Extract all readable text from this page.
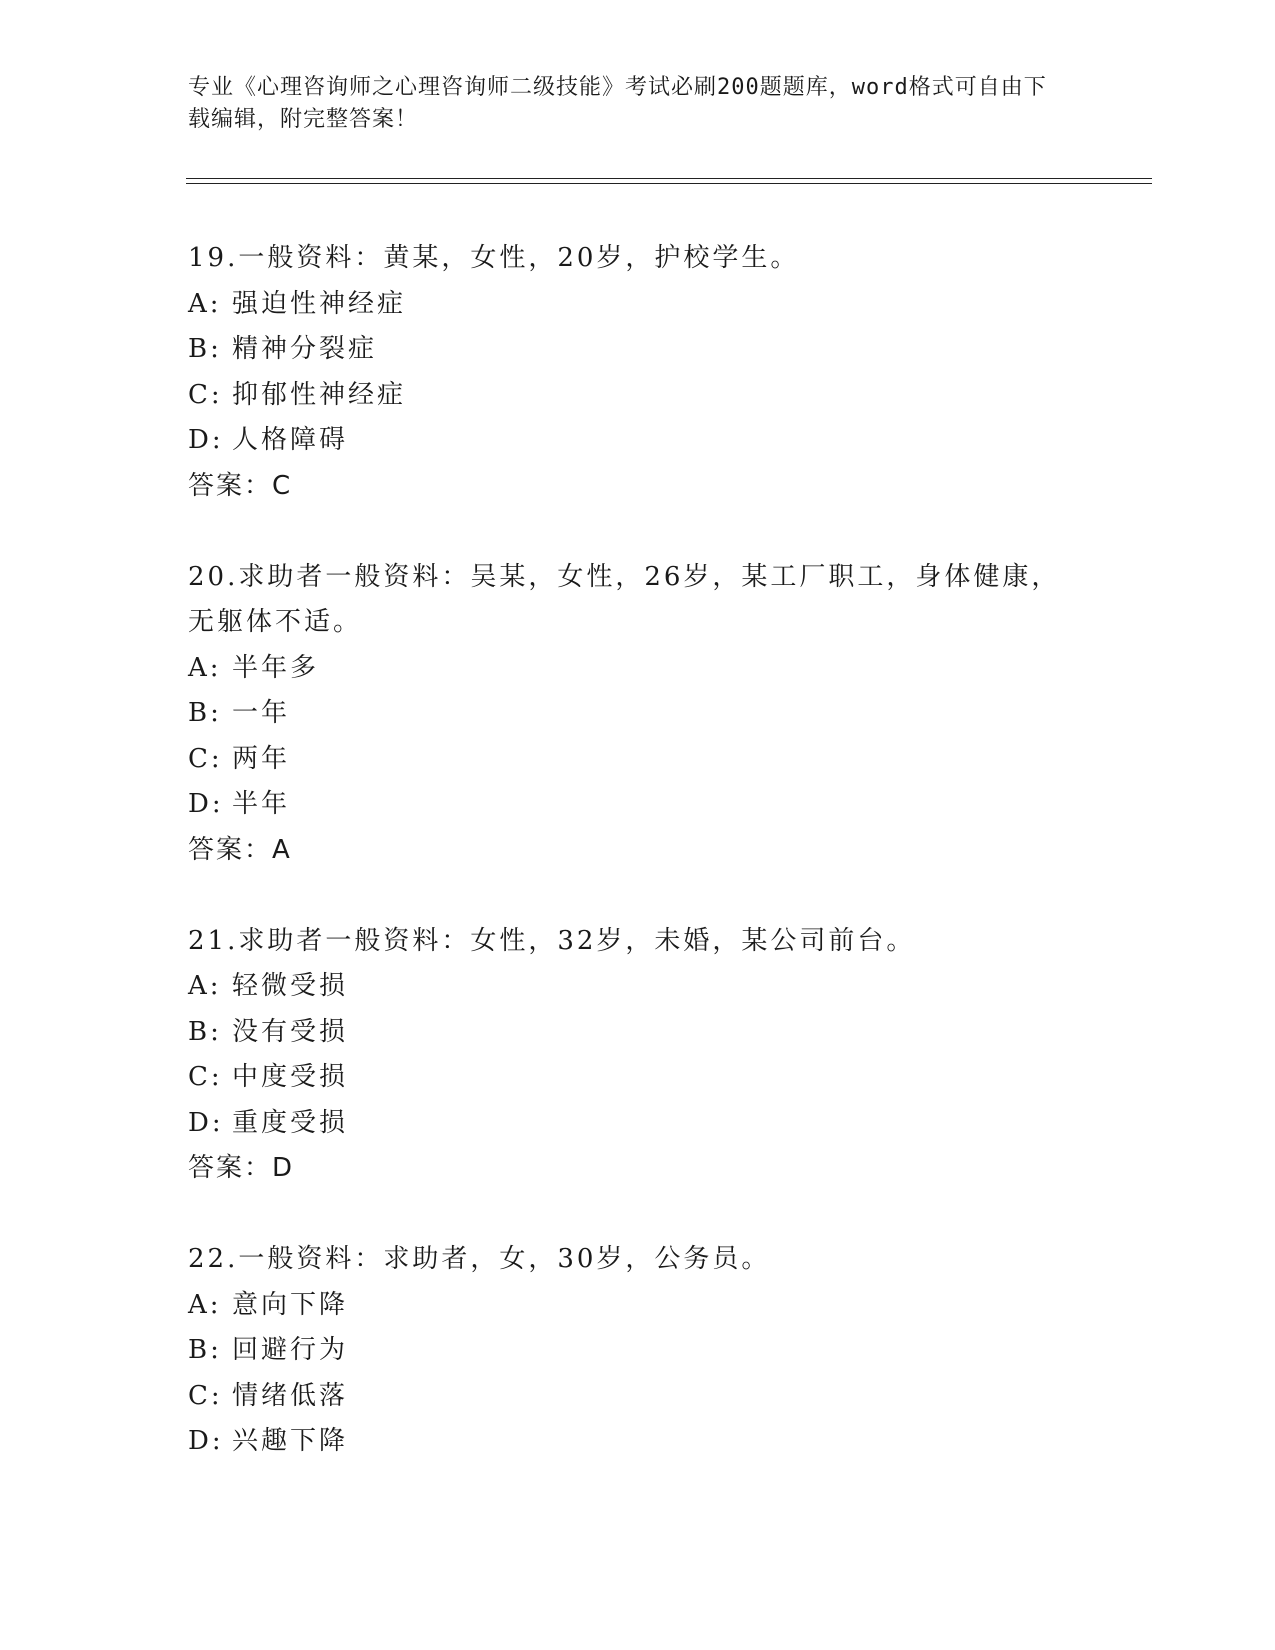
专业《心理咨询师之心理咨询师二级技能》考试必刷200题题库，word格式可自由下载编辑，附完整答案！
19.一般资料：黄某，女性，20岁，护校学生。
A: 强迫性神经症
B: 精神分裂症
C: 抑郁性神经症
D: 人格障碍
答案：C
20.求助者一般资料：吴某，女性，26岁，某工厂职工，身体健康，无躯体不适。
A: 半年多
B: 一年
C: 两年
D: 半年
答案：A
21.求助者一般资料：女性，32岁，未婚，某公司前台。
A: 轻微受损
B: 没有受损
C: 中度受损
D: 重度受损
答案：D
22.一般资料：求助者，女，30岁，公务员。
A: 意向下降
B: 回避行为
C: 情绪低落
D: 兴趣下降
